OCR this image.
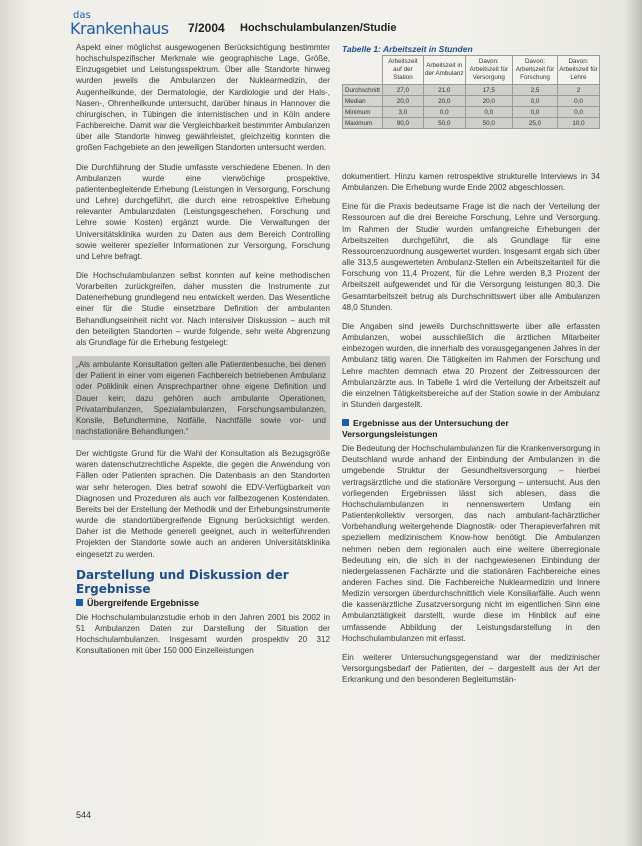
das
Krankenhaus 7/2004 Hochschulambulanzen/Studie
Tabelle 1: Arbeitszeit in Stunden
	Arbeitszeit auf der Station	Arbeitszeit in der Ambulanz	Davon: Arbeitszeit für Versorgung	Davon: Arbeitszeit für Forschung	Davon: Arbeitszeit für Lehre
Durchschnitt	27,0	21,0	17,5	2,5	2
Median	20,0	20,0	20,0	0,0	0,0
Minimum	3,0	0,0	0,0	0,0	0,0
Maximum	90,0	50,0	50,0	25,0	10,0

Aspekt einer möglichst ausgewogenen Berücksichtigung bestimmter hochschulspezifischer Merkmale wie geographische Lage, Größe, Einzugsgebiet und Leistungsspektrum. Über alle Standorte hinweg wurden jeweils die Ambulanzen der Nuklearmedizin, der Augenheilkunde, der Dermatologie, der Kardiologie und der Hals-, Nasen-, Ohrenheilkunde untersucht, darüber hinaus in Hannover die chirurgischen, in Tübingen die internistischen und in Köln andere Fachbereiche. Damit war die Vergleichbarkeit bestimmter Ambulanzen über alle Standorte hinweg gewährleistet, gleichzeitig konnten die großen Fachgebiete an den jeweiligen Standorten untersucht werden.

Die Durchführung der Studie umfasste verschiedene Ebenen. In den Ambulanzen wurde eine vierwöchige prospektive, patientenbegleitende Erhebung (Leistungen in Versorgung, Forschung und Lehre) durchgeführt, die durch eine retrospektive Erhebung relevanter Ambulanzdaten (Leistungsgeschehen, Forschung und Lehre sowie Kosten) ergänzt wurde. Die Verwaltungen der Universitätsklinika wurden zu Daten aus dem Bereich Controlling sowie weiterer spezieller Informationen zur Versorgung, Forschung und Lehre befragt.

Die Hochschulambulanzen selbst konnten auf keine methodischen Vorarbeiten zurückgreifen, daher mussten die Instrumente zur Datenerhebung grundlegend neu entwickelt werden. Das Wesentliche einer für die Studie einsetzbare Definition der ambulanten Behandlungseinheit nicht vor. Nach intensiver Diskussion – auch mit den beteiligten Standorten – wurde folgende, sehr weite Abgrenzung als Grundlage für die Erhebung festgelegt:

„Als ambulante Konsultation gelten alle Patientenbesuche, bei denen der Patient in einer vom eigenen Fachbereich betriebenen Ambulanz oder Poliklinik einen Ansprechpartner ohne eigene Definition und Dauer kein; dazu gehören auch ambulante Operationen, Privatambulanzen, Spezialambulanzen, Forschungsambulanzen, Konsile, Befundtermine, Notfälle, Nachtfälle sowie vor- und nachstationäre Behandlungen.“

Der wichtigste Grund für die Wahl der Konsultation als Bezugsgröße waren datenschutzrechtliche Aspekte, die gegen die Anwendung von Fällen oder Patienten sprachen. Die Datenbasis an den Standorten war sehr heterogen. Dies betraf sowohl die EDV-Verfügbarkeit von Diagnosen und Prozeduren als auch vor fallbezogenen Kostendaten. Bereits bei der Erstellung der Methodik und der Erhebungsinstrumente wurde die standortübergreifende Eignung berücksichtigt werden. Daher ist die Methode generell geeignet, auch in weiterführenden Projekten der Standorte sowie auch an anderen Universitätsklinika eingesetzt zu werden.

Darstellung und Diskussion der Ergebnisse
Übergreifende Ergebnisse

Die Hochschulambulanzstudie erhob in den Jahren 2001 bis 2002 in 51 Ambulanzen Daten zur Darstellung der Situation der Hochschulambulanzen. Insgesamt wurden prospektiv 20 312 Konsultationen mit über 150 000 Einzelleistungen

dokumentiert. Hinzu kamen retrospektive strukturelle Interviews in 34 Ambulanzen. Die Erhebung wurde Ende 2002 abgeschlossen.

Eine für die Praxis bedeutsame Frage ist die nach der Verteilung der Ressourcen auf die drei Bereiche Forschung, Lehre und Versorgung. Im Rahmen der Studie wurden umfangreiche Erhebungen der Arbeitszeiten durchgeführt, die als Grundlage für eine Ressourcenzuordnung ausgewertet wurden. Insgesamt ergab sich über alle 313,5 ausgewerteten Ambulanz-Stellen ein Arbeitszeitanteil für die Forschung von 11,4 Prozent, für die Lehre werden 8,3 Prozent der Arbeitszeit aufgewendet und für die Versorgung leistungen 80,3. Die Gesamtarbeitszeit betrug als Durchschnittswert über alle Ambulanzen 48,0 Stunden.

Die Angaben sind jeweils Durchschnittswerte über alle erfassten Ambulanzen, wobei ausschließlich die ärztlichen Mitarbeiter einbezogen wurden, die innerhalb des vorausgegangenen Jahres in der Ambulanz tätig waren. Die Tätigkeiten im Rahmen der Forschung und Lehre machten demnach etwa 20 Prozent der Zeitressourcen der Ambulanzärzte aus. In Tabelle 1 wird die Verteilung der Arbeitszeit auf die einzelnen Tätigkeitsbereiche auf der Station sowie in der Ambulanz in Stunden dargestellt.

Ergebnisse aus der Untersuchung der Versorgungsleistungen

Die Bedeutung der Hochschulambulanzen für die Krankenversorgung in Deutschland wurde anhand der Einbindung der Ambulanzen in die umgebende Struktur der Gesundheitsversorgung – hierbei vertragsärztliche und die stationäre Versorgung – untersucht. Aus den vorliegenden Ergebnissen lässt sich ablesen, dass die Hochschulambulanzen in nennenswertem Umfang ein Patientenkollektiv versorgen, das nach ambulant-fachärztlicher Vorbehandlung weitergehende Diagnostik- oder Therapieverfahren mit speziellem medizinischem Know-how benötigt. Die Ambulanzen nehmen neben dem regionalen auch eine weitere überregionale Bedeutung ein, die sich in der nachgewiesenen Einbindung der niedergelassenen Fachärzte und die stationären Fachbereiche eines anderen Faches sind. Die Fachbereiche Nuklearmedizin und Innere Medizin versorgen überdurchschnittlich viele Konsiliarfälle. Auch wenn die kassenärztliche Zusatzversorgung nicht im eigentlichen Sinn eine Ambulanztätigkeit darstellt, wurde diese im Hinblick auf eine umfassende Abbildung der Leistungsdarstellung in den Hochschulambulanzen mit erfasst.

Ein weiterer Untersuchungsgegenstand war der medizinischer Versorgungsbedarf der Patienten, der – dargestellt aus der Art der Erkrankung und den besonderen Begleitumstän-

544
